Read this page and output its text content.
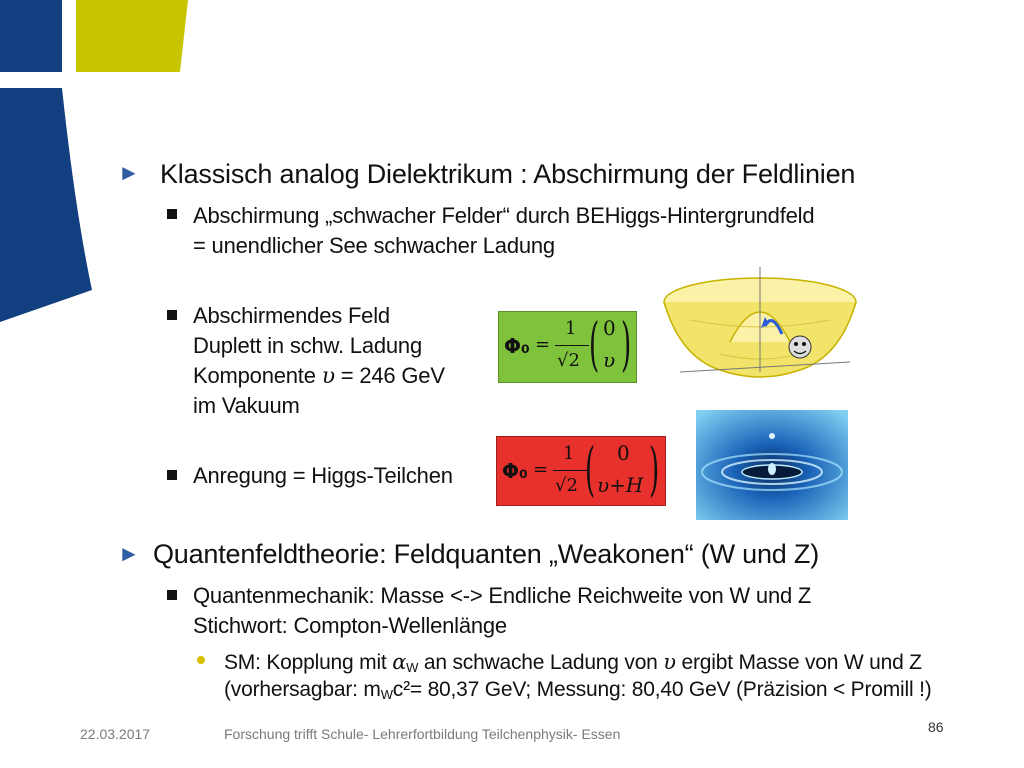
► Klassisch analog Dielektrikum : Abschirmung der Feldlinien
Abschirmung „schwacher Felder“ durch BEHiggs-Hintergrundfeld
= unendlicher See schwacher Ladung
Abschirmendes Feld
Duplett in schw. Ladung
Komponente υ = 246 GeV
im Vakuum
Anregung = Higgs-Teilchen
Φ₀ =
1
√2 ( 0
υ )
Φ₀ =
1
√2 ( 0
υ+H )
► Quantenfeldtheorie: Feldquanten „Weakonen“ (W und Z)
Quantenmechanik: Masse <-> Endliche Reichweite von W und Z
Stichwort: Compton-Wellenlänge
SM: Kopplung mit $\alpha_W$ an schwache Ladung von υ ergibt Masse von W und Z
(vorhersagbar: $m_Wc^2= 80,37$ GeV; Messung: 80,40 GeV (Präzision < Promill !)
22.03.2017	Forschung trifft Schule- Lehrerfortbildung Teilchenphysik- Essen	86
